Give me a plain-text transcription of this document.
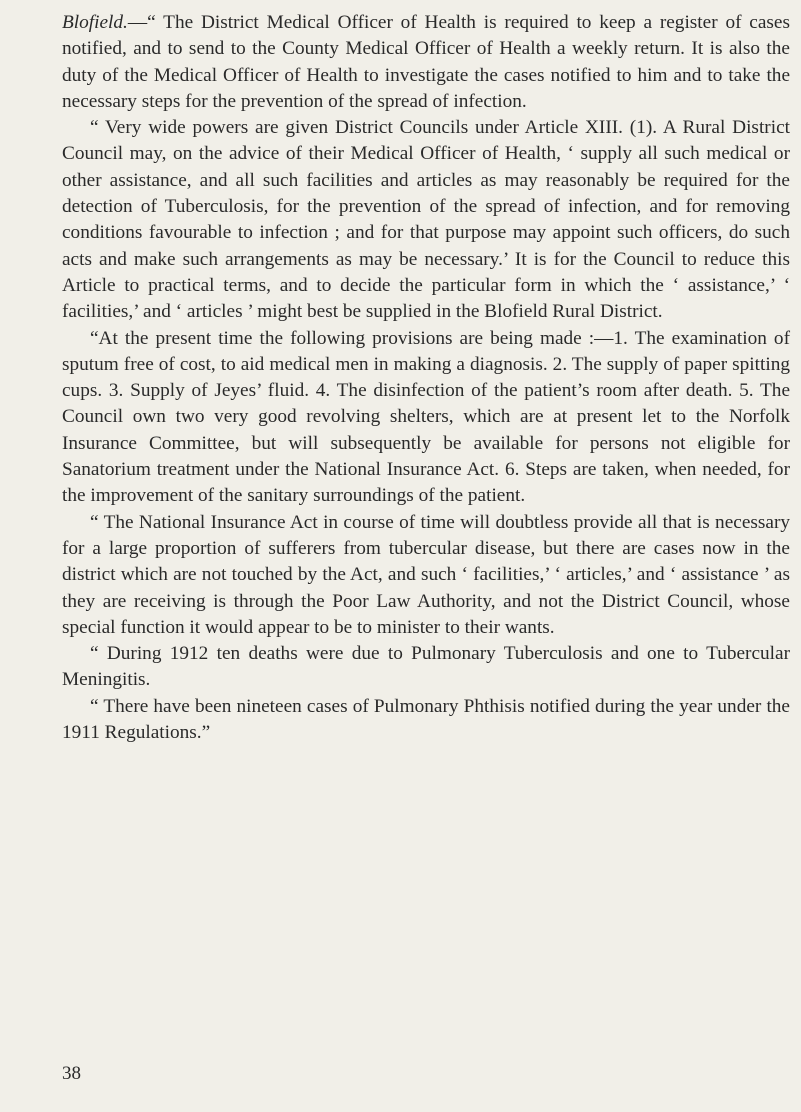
Blofield.—“ The District Medical Officer of Health is required to keep a register of cases notified, and to send to the County Medical Officer of Health a weekly return. It is also the duty of the Medical Officer of Health to investigate the cases notified to him and to take the necessary steps for the prevention of the spread of infection.

“ Very wide powers are given District Councils under Article XIII. (1). A Rural District Council may, on the advice of their Medical Officer of Health, ‘ supply all such medical or other assistance, and all such facilities and articles as may reasonably be required for the detection of Tuberculosis, for the prevention of the spread of infection, and for removing conditions favourable to infection ; and for that purpose may appoint such officers, do such acts and make such arrangements as may be necessary.’ It is for the Council to reduce this Article to practical terms, and to decide the particular form in which the ‘ assistance,’ ‘ facilities,’ and ‘ articles ’ might best be supplied in the Blofield Rural District.

“At the present time the following provisions are being made :—1. The examination of sputum free of cost, to aid medical men in making a diagnosis. 2. The supply of paper spitting cups. 3. Supply of Jeyes’ fluid. 4. The disinfection of the patient’s room after death. 5. The Council own two very good revolving shelters, which are at present let to the Norfolk Insurance Committee, but will subsequently be available for persons not eligible for Sanatorium treatment under the National Insurance Act. 6. Steps are taken, when needed, for the improvement of the sanitary surroundings of the patient.

“ The National Insurance Act in course of time will doubtless provide all that is necessary for a large proportion of sufferers from tubercular disease, but there are cases now in the district which are not touched by the Act, and such ‘ facilities,’ ‘ articles,’ and ‘ assistance ’ as they are receiving is through the Poor Law Authority, and not the District Council, whose special function it would appear to be to minister to their wants.

“ During 1912 ten deaths were due to Pulmonary Tuberculosis and one to Tubercular Meningitis.

“ There have been nineteen cases of Pulmonary Phthisis notified during the year under the 1911 Regulations.”

38
